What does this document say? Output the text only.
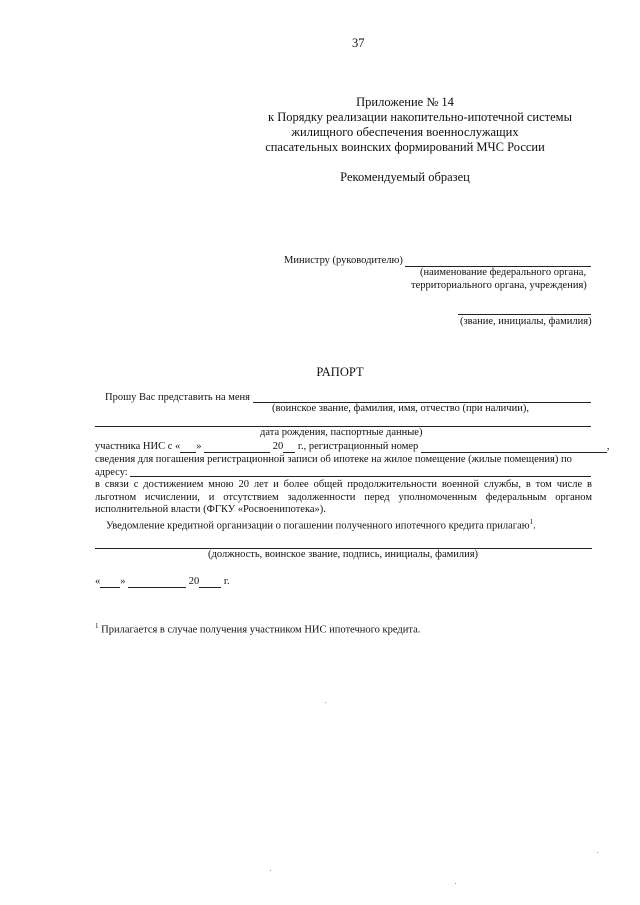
37
Приложение № 14
к Порядку реализации накопительно-ипотечной системы
жилищного обеспечения военнослужащих
спасательных воинских формирований МЧС России
Рекомендуемый образец
Министру (руководителю)
(наименование федерального органа,
территориального органа, учреждения)
(звание, инициалы, фамилия)
РАПОРТ
Прошу Вас представить на меня
(воинское звание, фамилия, имя, отчество (при наличии),
дата рождения, паспортные данные)
участника НИС с « »	20 г., регистрационный номер	,
сведения для погашения регистрационной записи об ипотеке на жилое помещение (жилые помещения) по
адресу:
в связи с достижением мною 20 лет и более общей продолжительности военной службы, в том числе в льготном исчислении, и отсутствием задолженности перед уполномоченным федеральным органом исполнительной власти (ФГКУ «Росвоенипотека»).
Уведомление кредитной организации о погашении полученного ипотечного кредита прилагаю$^1$.
(должность, воинское звание, подпись, инициалы, фамилия)
« »	20 г.
$^1$ Прилагается в случае получения участником НИС ипотечного кредита.
